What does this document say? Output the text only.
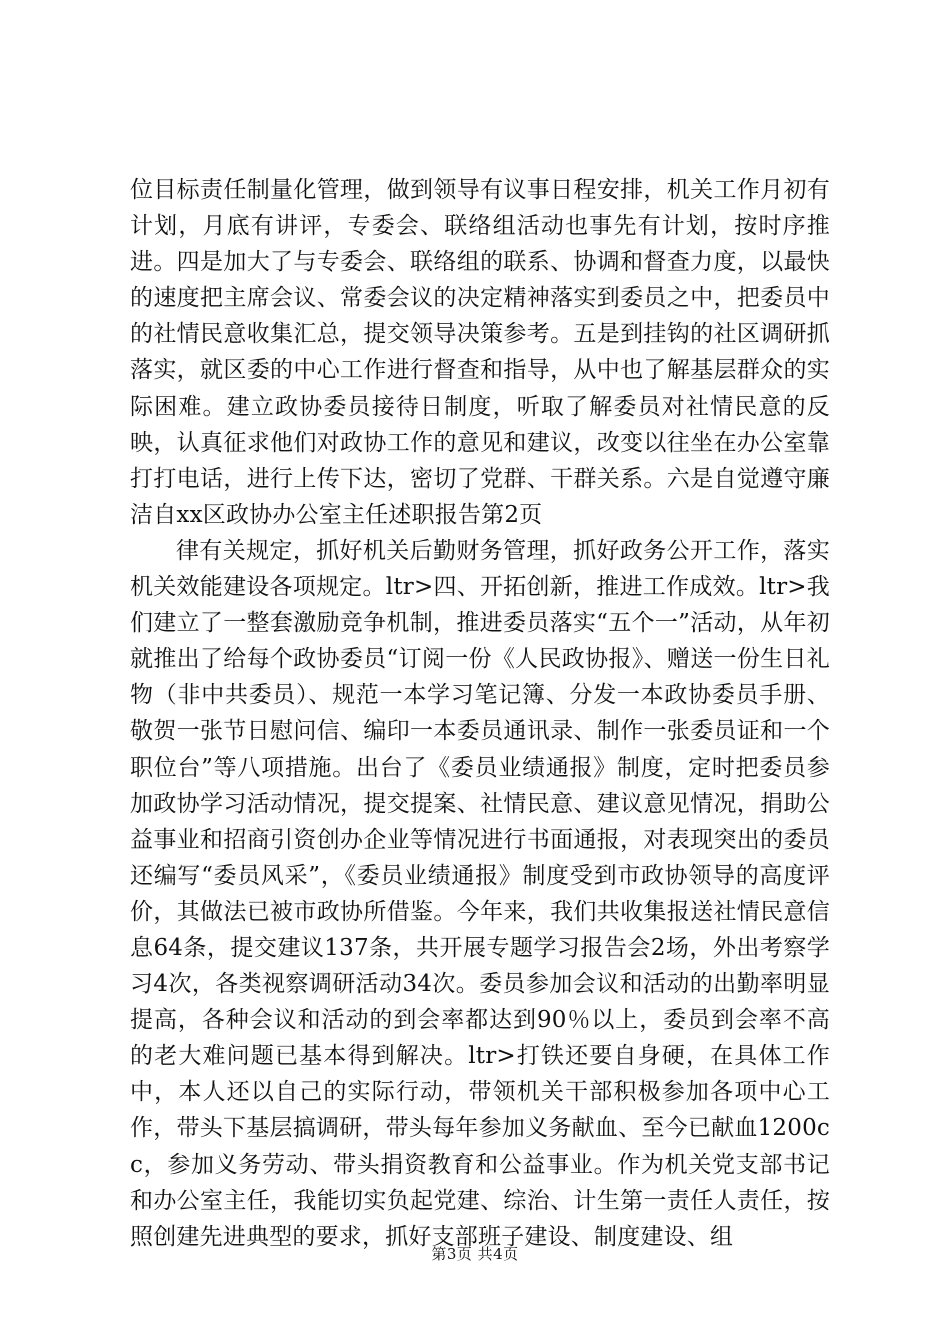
位目标责任制量化管理，做到领导有议事日程安排，机关工作月初有计划，月底有讲评，专委会、联络组活动也事先有计划，按时序推进。四是加大了与专委会、联络组的联系、协调和督查力度，以最快的速度把主席会议、常委会议的决定精神落实到委员之中，把委员中的社情民意收集汇总，提交领导决策参考。五是到挂钩的社区调研抓落实，就区委的中心工作进行督查和指导，从中也了解基层群众的实际困难。建立政协委员接待日制度，听取了解委员对社情民意的反映，认真征求他们对政协工作的意见和建议，改变以往坐在办公室靠打打电话，进行上传下达，密切了党群、干群关系。六是自觉遵守廉洁自xx区政协办公室主任述职报告第2页

律有关规定，抓好机关后勤财务管理，抓好政务公开工作，落实机关效能建设各项规定。ltr>四、开拓创新，推进工作成效。ltr>我们建立了一整套激励竞争机制，推进委员落实“五个一”活动，从年初就推出了给每个政协委员“订阅一份《人民政协报》、赠送一份生日礼物（非中共委员）、规范一本学习笔记簿、分发一本政协委员手册、敬贺一张节日慰问信、编印一本委员通讯录、制作一张委员证和一个职位台”等八项措施。出台了《委员业绩通报》制度，定时把委员参加政协学习活动情况，提交提案、社情民意、建议意见情况，捐助公益事业和招商引资创办企业等情况进行书面通报，对表现突出的委员还编写“委员风采”，《委员业绩通报》制度受到市政协领导的高度评价，其做法已被市政协所借鉴。今年来，我们共收集报送社情民意信息64条，提交建议137条，共开展专题学习报告会2场，外出考察学习4次，各类视察调研活动34次。委员参加会议和活动的出勤率明显提高，各种会议和活动的到会率都达到90％以上，委员到会率不高的老大难问题已基本得到解决。ltr>打铁还要自身硬，在具体工作中，本人还以自己的实际行动，带领机关干部积极参加各项中心工作，带头下基层搞调研，带头每年参加义务献血、至今已献血1200cc，参加义务劳动、带头捐资教育和公益事业。作为机关党支部书记和办公室主任，我能切实负起党建、综治、计生第一责任人责任，按照创建先进典型的要求，抓好支部班子建设、制度建设、组

第3页 共4页
